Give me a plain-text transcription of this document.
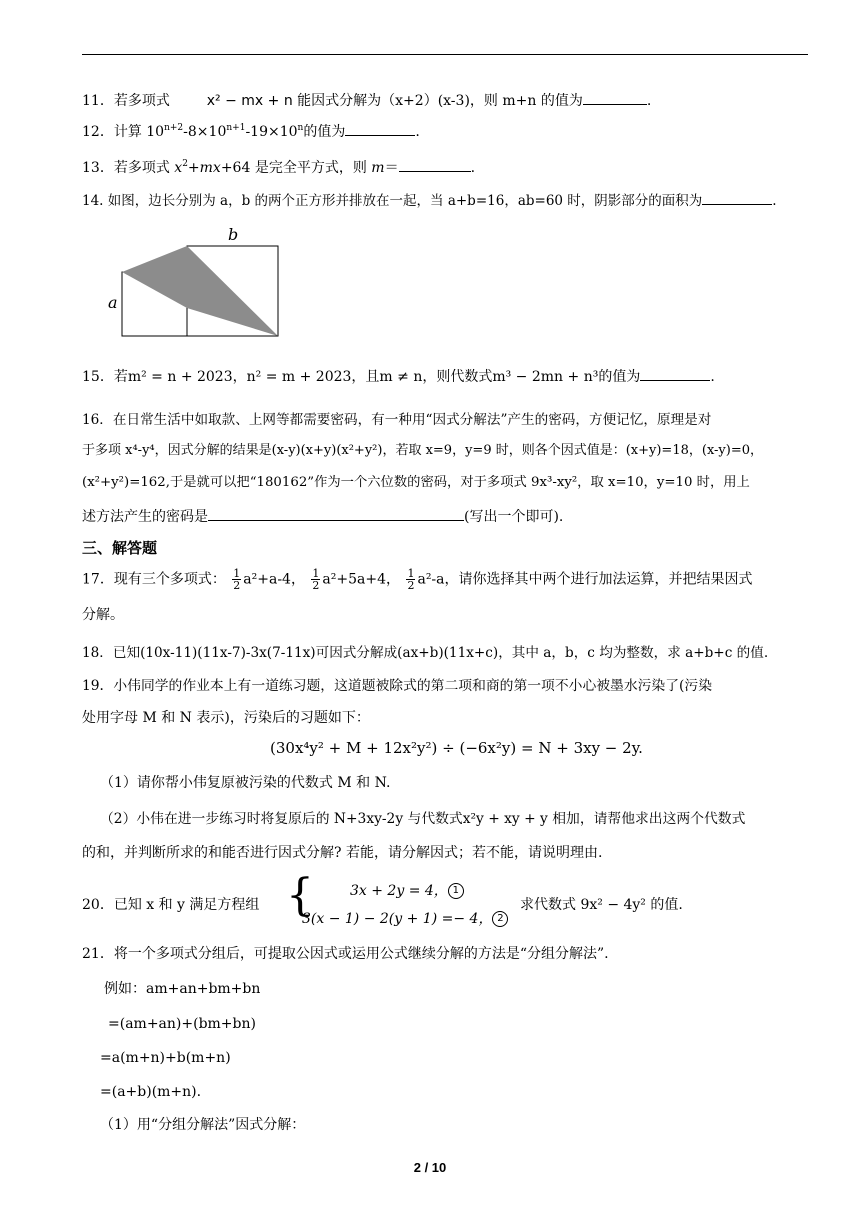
11．若多项式	x² − mx + n 能因式分解为（x+2）(x-3)，则 m+n 的值为	.
12．计算 $10^{n+2}-8\times 10^{n+1}-19\times 10^n$的值为	.
13．若多项式 $x^2+mx+64$ 是完全平方式，则 m＝	.
14. 如图，边长分别为 a，b 的两个正方形并排放在一起，当 a+b=16，ab=60 时，阴影部分的面积为	.
a
b
15．若m² = n + 2023，n² = m + 2023，且m ≠ n，则代数式m³ − 2mn + n³的值为	.
16．在日常生活中如取款、上网等都需要密码，有一种用“因式分解法”产生的密码，方便记忆，原理是对
于多项 x⁴-y⁴，因式分解的结果是(x-y)(x+y)(x²+y²)，若取 x=9，y=9 时，则各个因式值是：(x+y)=18，(x-y)=0，
(x²+y²)=162,于是就可以把“180162”作为一个六位数的密码，对于多项式 9x³-xy²，取 x=10，y=10 时，用上
述方法产生的密码是	(写出一个即可).
三、解答题
17．现有三个多项式： $\frac{1}{2} a^2+a-4$， $\frac{1}{2} a^2+5a+4$， $\frac{1}{2} a^2-a$，请你选择其中两个进行加法运算，并把结果因式
分解。
18．已知(10x-11)(11x-7)-3x(7-11x)可因式分解成(ax+b)(11x+c)，其中 a，b，c 均为整数，求 a+b+c 的值.
19．小伟同学的作业本上有一道练习题，这道题被除式的第二项和商的第一项不小心被墨水污染了(污染
处用字母 M 和 N 表示)，污染后的习题如下：
(30x⁴y² + M + 12x²y²) ÷ (−6x²y) = N + 3xy − 2y.
（1）请你帮小伟复原被污染的代数式 M 和 N.
（2）小伟在进一步练习时将复原后的 N+3xy-2y 与代数式x²y + xy + y 相加，请帮他求出这两个代数式
的和，并判断所求的和能否进行因式分解? 若能，请分解因式；若不能，请说明理由.
20．已知 x 和 y 满足方程组 {	3x + 2y = 4， 1
3(x − 1) − 2(y + 1) =− 4， 2
求代数式 9x² − 4y² 的值.
21．将一个多项式分组后，可提取公因式或运用公式继续分解的方法是“分组分解法”.
例如：am+an+bm+bn
=(am+an)+(bm+bn)
=a(m+n)+b(m+n)
=(a+b)(m+n).
（1）用“分组分解法”因式分解：
2 / 10
